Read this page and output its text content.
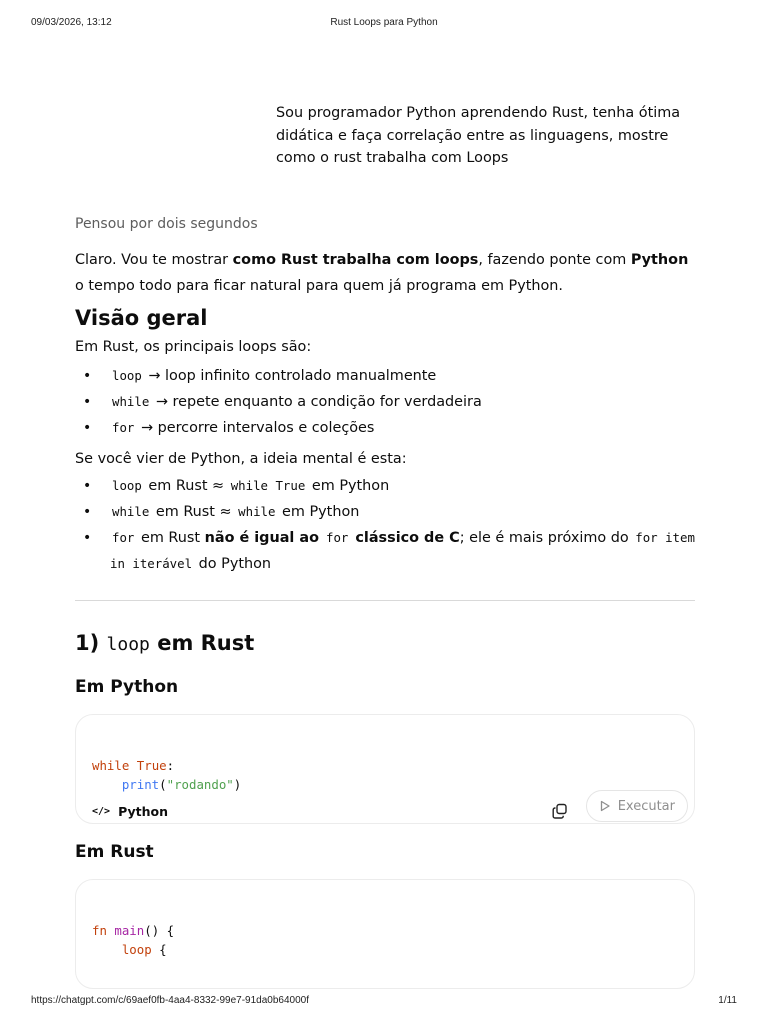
09/03/2026, 13:12	Rust Loops para Python
Sou programador Python aprendendo Rust, tenha ótima didática e faça correlação entre as linguagens, mostre como o rust trabalha com Loops
Pensou por dois segundos

Claro. Vou te mostrar como Rust trabalha com loops, fazendo ponte com Python o tempo todo para ficar natural para quem já programa em Python.

Visão geral

Em Rust, os principais loops são:

• loop → loop infinito controlado manualmente
• while → repete enquanto a condição for verdadeira
• for → percorre intervalos e coleções

Se você vier de Python, a ideia mental é esta:

• loop em Rust ≈ while True em Python
• while em Rust ≈ while em Python
• for em Rust não é igual ao for clássico de C; ele é mais próximo do for item in iterável do Python
1) loop em Rust
Em Python
while True:
print("rodando")
</> Python	Executar
Em Rust
fn main() {
loop {
https://chatgpt.com/c/69aef0fb-4aa4-8332-99e7-91da0b64000f	1/11
